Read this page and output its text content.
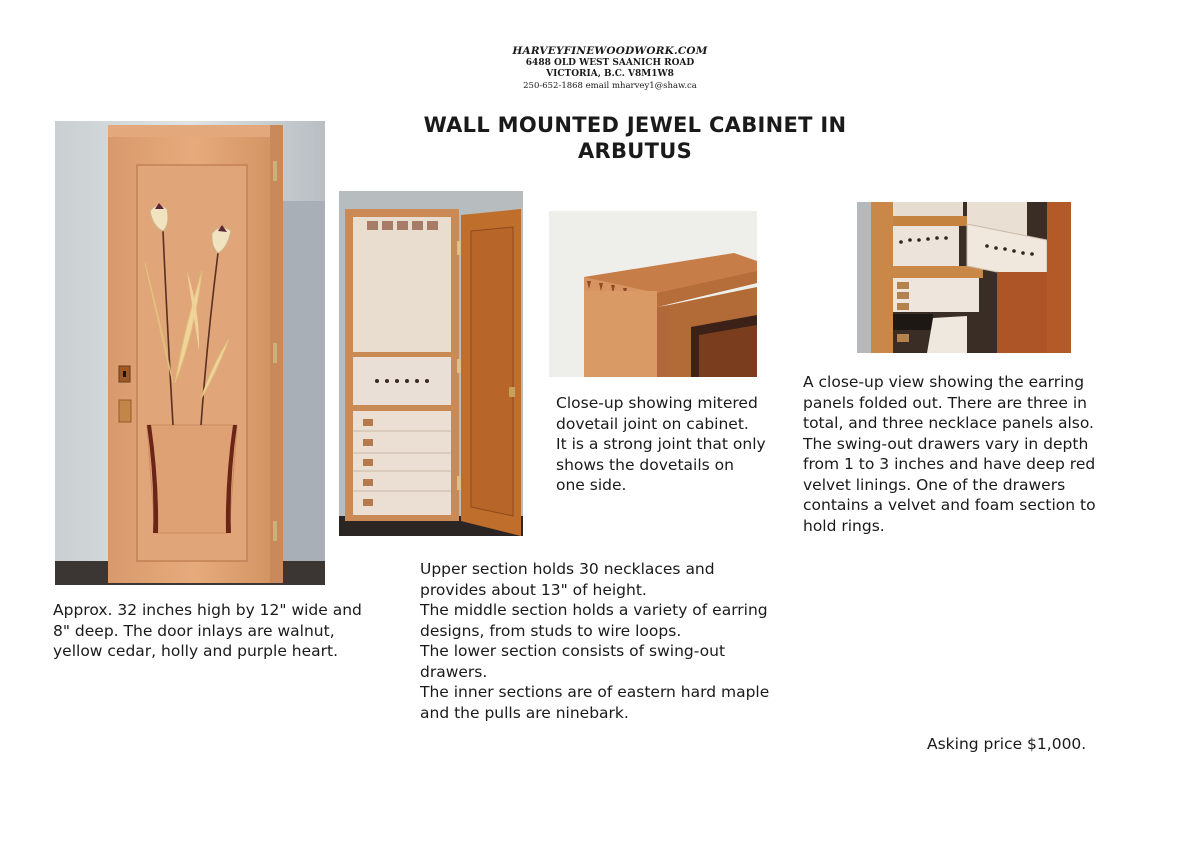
HARVEYFINEWOODWORK.COM
6488 OLD WEST SAANICH ROAD
VICTORIA, B.C. V8M1W8
250-652-1868 email mharvey1@shaw.ca
WALL MOUNTED JEWEL CABINET IN
ARBUTUS

Approx. 32 inches high by 12" wide and 8" deep. The door inlays are walnut, yellow cedar, holly and purple heart.

Upper section holds 30 necklaces and provides about 13" of height.

The middle section holds a variety of earring designs, from studs to wire loops.

The lower section consists of swing-out drawers.

The inner sections are of eastern hard maple and the pulls are ninebark.

Close-up showing mitered dovetail joint on cabinet.

It is a strong joint that only shows the dovetails on one side.

A close-up view showing the earring panels folded out. There are three in total, and three necklace panels also.

The swing-out drawers vary in depth from 1 to 3 inches and have deep red velvet linings. One of the drawers contains a velvet and foam section to hold rings.

Asking price $1,000.
